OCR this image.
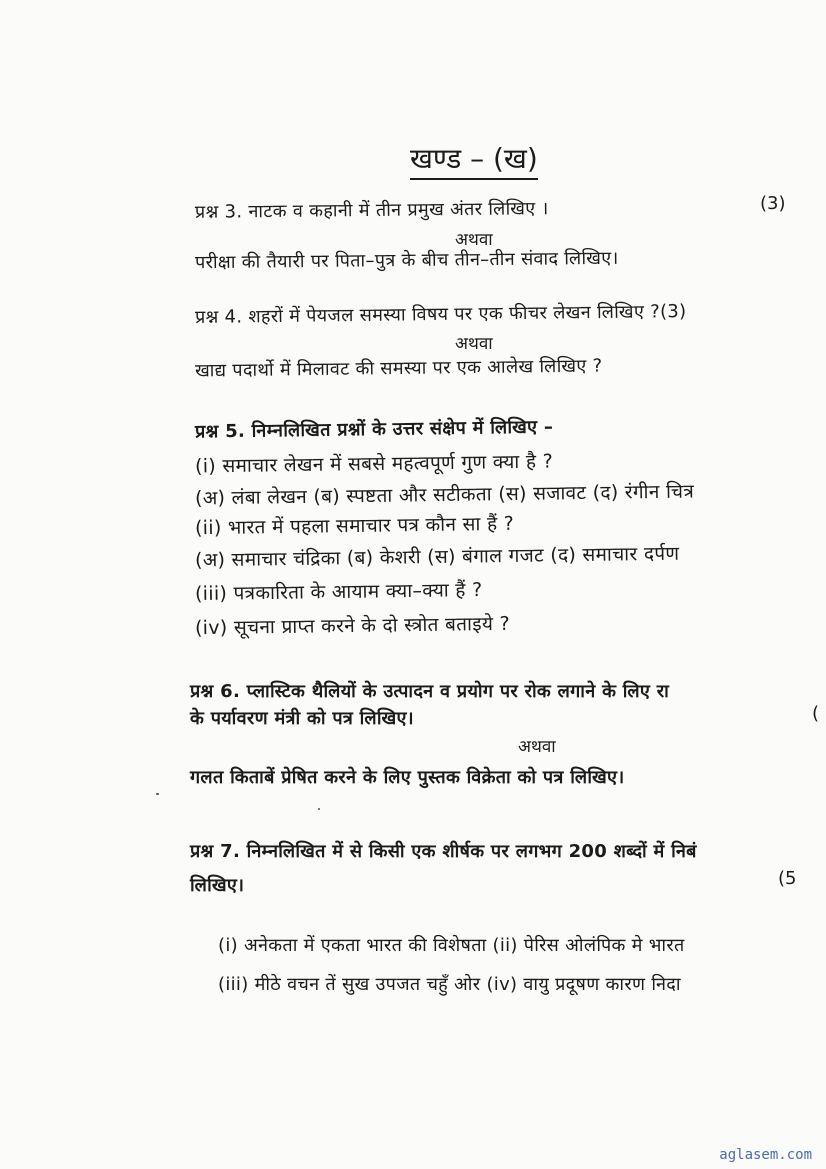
खण्ड – (ख)
प्रश्न 3. नाटक व कहानी में तीन प्रमुख अंतर लिखिए ।	(3)
अथवा
परीक्षा की तैयारी पर पिता–पुत्र के बीच तीन–तीन संवाद लिखिए।
प्रश्न 4. शहरों में पेयजल समस्या विषय पर एक फीचर लेखन लिखिए ?(3)
अथवा
खाद्य पदार्थो में मिलावट की समस्या पर एक आलेख लिखिए ?
प्रश्न 5. निम्नलिखित प्रश्नों के उत्तर संक्षेप में लिखिए –
(i) समाचार लेखन में सबसे महत्वपूर्ण गुण क्या है ?
(अ) लंबा लेखन (ब) स्पष्टता और सटीकता (स) सजावट (द) रंगीन चित्र
(ii) भारत में पहला समाचार पत्र कौन सा हैं ?
(अ) समाचार चंद्रिका (ब) केशरी (स) बंगाल गजट (द) समाचार दर्पण
(iii) पत्रकारिता के आयाम क्या–क्या हैं ?
(iv) सूचना प्राप्त करने के दो स्त्रोत बताइये ?
प्रश्न 6. प्लास्टिक थैलियों के उत्पादन व प्रयोग पर रोक लगाने के लिए रा
के पर्यावरण मंत्री को पत्र लिखिए।	(
अथवा
गलत किताबें प्रेषित करने के लिए पुस्तक विक्रेता को पत्र लिखिए।
प्रश्न 7. निम्नलिखित में से किसी एक शीर्षक पर लगभग 200 शब्दों में निबं
लिखिए।	(5
(i) अनेकता में एकता भारत की विशेषता (ii) पेरिस ओलंपिक मे भारत
(iii) मीठे वचन तें सुख उपजत चहुँ ओर (iv) वायु प्रदूषण कारण निदा
aglasem.com
